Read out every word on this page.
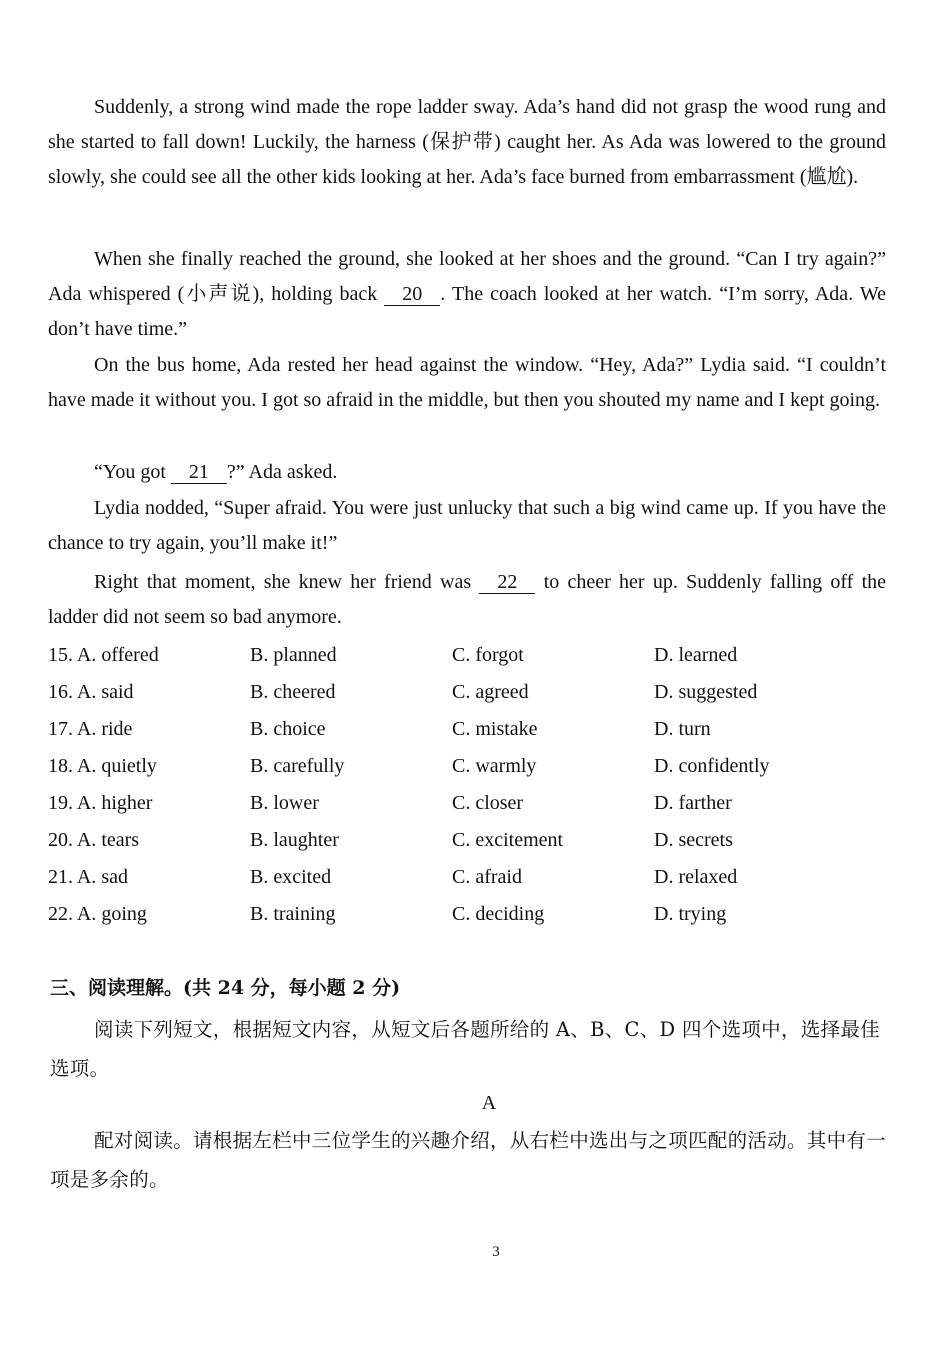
Suddenly, a strong wind made the rope ladder sway. Ada’s hand did not grasp the wood rung and she started to fall down! Luckily, the harness (保护带) caught her. As Ada was lowered to the ground slowly, she could see all the other kids looking at her. Ada’s face burned from embarrassment (尴尬).

When she finally reached the ground, she looked at her shoes and the ground. “Can I try again?” Ada whispered (小声说), holding back 20 . The coach looked at her watch. “I’m sorry, Ada. We don’t have time.”

On the bus home, Ada rested her head against the window. “Hey, Ada?” Lydia said. “I couldn’t have made it without you. I got so afraid in the middle, but then you shouted my name and I kept going.

“You got 21 ?” Ada asked.

Lydia nodded, “Super afraid. You were just unlucky that such a big wind came up. If you have the chance to try again, you’ll make it!”

Right that moment, she knew her friend was 22 to cheer her up. Suddenly falling off the ladder did not seem so bad anymore.

15. A. offered	B. planned	C. forgot	D. learned
16. A. said	B. cheered	C. agreed	D. suggested
17. A. ride	B. choice	C. mistake	D. turn
18. A. quietly	B. carefully	C. warmly	D. confidently
19. A. higher	B. lower	C. closer	D. farther
20. A. tears	B. laughter	C. excitement	D. secrets
21. A. sad	B. excited	C. afraid	D. relaxed
22. A. going	B. training	C. deciding	D. trying
三、阅读理解。(共 24 分，每小题 2 分)

阅读下列短文，根据短文内容，从短文后各题所给的 A、B、C、D 四个选项中，选择最佳选项。

A

配对阅读。请根据左栏中三位学生的兴趣介绍，从右栏中选出与之项匹配的活动。其中有一项是多余的。

3
